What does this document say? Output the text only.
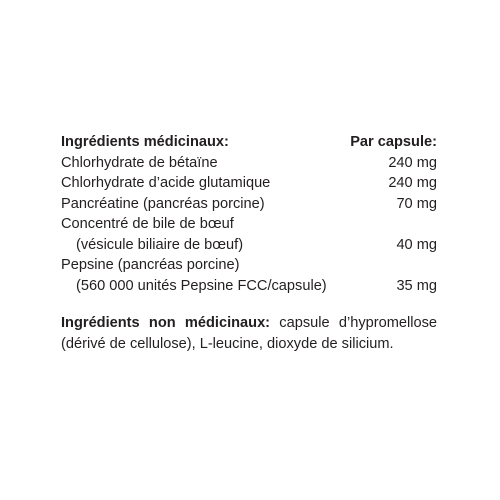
Ingrédients médicinaux:	Par capsule:
Chlorhydrate de bétaïne	240 mg
Chlorhydrate d’acide glutamique	240 mg
Pancréatine (pancréas porcine)	70 mg
Concentré de bile de bœuf	
(vésicule biliaire de bœuf)	40 mg
Pepsine (pancréas porcine)	
(560 000 unités Pepsine FCC/capsule)	35 mg

Ingrédients non médicinaux: capsule d’hypromellose (dérivé de cellulose), L-leucine, dioxyde de silicium.
